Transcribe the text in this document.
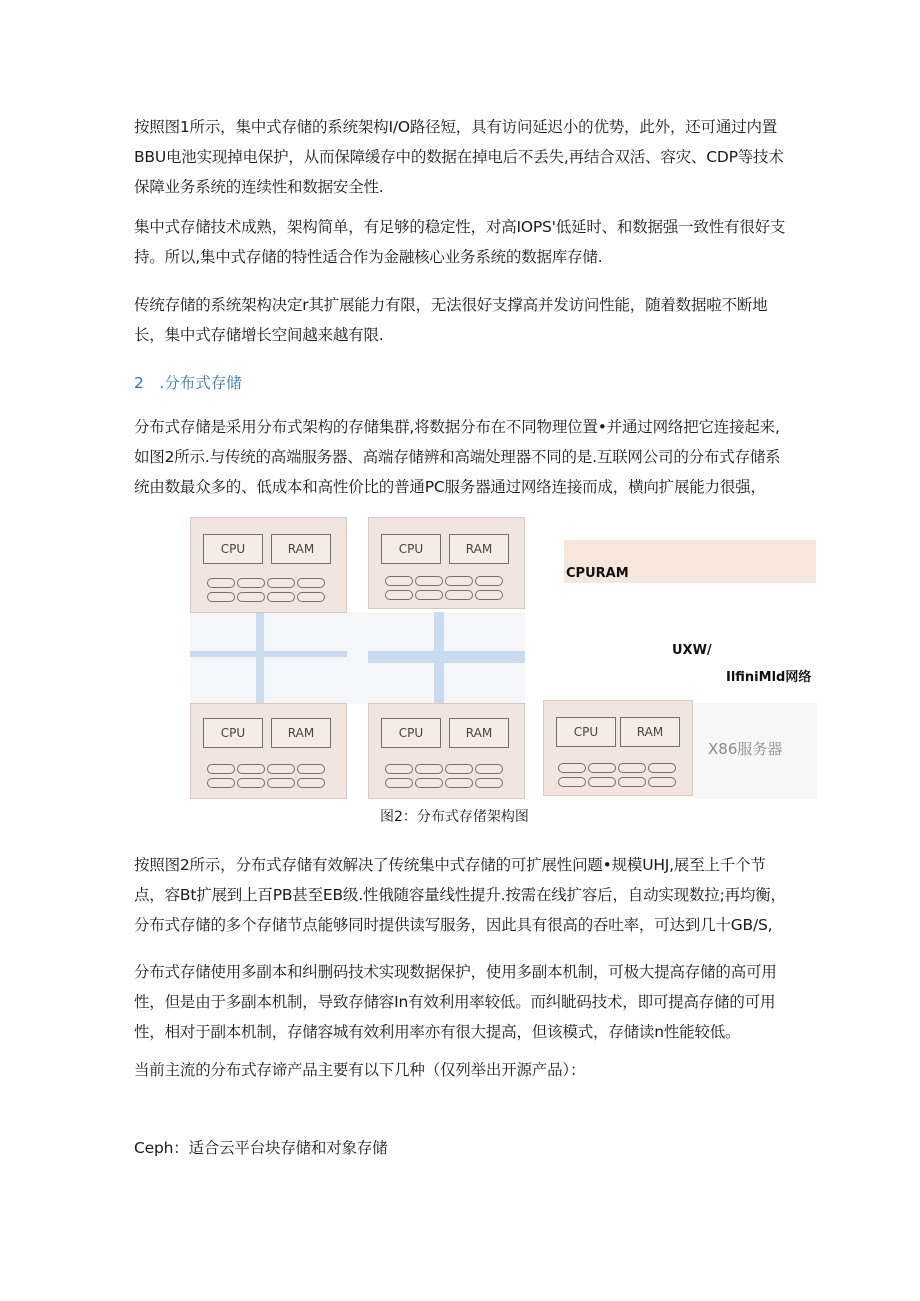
按照图1所示，集中式存储的系统架构I/O路径短，具有访问延迟小的优势，此外，还可通过内置BBU电池实现掉电保护，从而保障缓存中的数据在掉电后不丢失,再结合双活、容灾、CDP等技术保障业务系统的连续性和数据安全性.

集中式存储技术成熟，架构简单，有足够的稳定性，对高IOPS'低延时、和数据强一致性有很好支持。所以,集中式存储的特性适合作为金融核心业务系统的数据库存储.

传统存储的系统架构决定r其扩展能力有限，无法很好支撑高并发访问性能，随着数据啦不断地长，集中式存储增长空间越来越有限.

2　.分布式存储

分布式存储是采用分布式架构的存储集群,将数据分布在不同物理位置•并通过网络把它连接起来,如图2所示.与传统的高端服务器、高端存储辨和高端处理器不同的是.互联网公司的分布式存储系统由数最众多的、低成本和高性价比的普通PC服务器通过网络连接而成，横向扩展能力很强，

CPU	RAM	CPU	RAM
CPURAM
UXW/
IlfiniMld网络
CPU	RAM	CPU	RAM	CPU	RAM
X86服务器
图2：分布式存偖架构图

按照图2所示，分布式存储有效解决了传统集中式存储的可扩展性问题•规模UHJ,展至上千个节点，容Bt扩展到上百PB甚至EB级.性俄随容量线性提升.按需在线扩容后，自动实现数拉;再均衡，分布式存储的多个存储节点能够同时提供读写服务，因此具有很高的吞吐率，可达到几十GB/S,

分布式存储使用多副本和纠删码技术实现数据保护，使用多副本机制，可极大提高存储的高可用性，但是由于多副本机制，导致存储容In有效利用率较低。而纠眦码技术，即可提高存储的可用性，相对于副本机制，存储容城有效利用率亦有很大提高，但该模式，存储读n性能较低。

当前主流的分布式存谛产品主要有以下几种（仅列举出开源产品）：

Ceph：适合云平台块存储和对象存储
